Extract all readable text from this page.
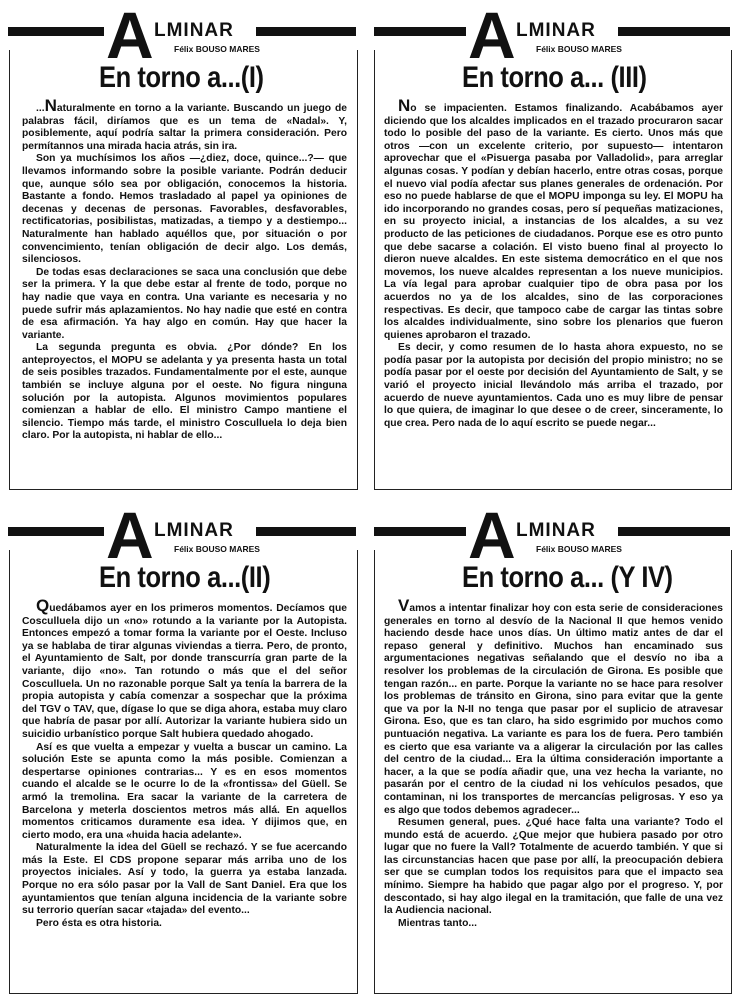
A LMINAR
Félix BOUSO MARES
En torno a...(I)

...Naturalmente en torno a la variante. Buscando un juego de palabras fácil, diríamos que es un tema de «Nadal». Y, posiblemente, aquí podría saltar la primera consideración. Pero permítannos una mirada hacia atrás, sin ira.

Son ya muchísimos los años —¿diez, doce, quince...?— que llevamos informando sobre la posible variante. Podrán deducir que, aunque sólo sea por obligación, conocemos la historia. Bastante a fondo. Hemos trasladado al papel ya opiniones de decenas y decenas de personas. Favorables, desfavorables, rectificatorias, posibilistas, matizadas, a tiempo y a destiempo... Naturalmente han hablado aquéllos que, por situación o por convencimiento, tenían obligación de decir algo. Los demás, silenciosos.

De todas esas declaraciones se saca una conclusión que debe ser la primera. Y la que debe estar al frente de todo, porque no hay nadie que vaya en contra. Una variante es necesaria y no puede sufrir más aplazamientos. No hay nadie que esté en contra de esa afirmación. Ya hay algo en común. Hay que hacer la variante.

La segunda pregunta es obvia. ¿Por dónde? En los anteproyectos, el MOPU se adelanta y ya presenta hasta un total de seis posibles trazados. Fundamentalmente por el este, aunque también se incluye alguna por el oeste. No figura ninguna solución por la autopista. Algunos movimientos populares comienzan a hablar de ello. El ministro Campo mantiene el silencio. Tiempo más tarde, el ministro Cosculluela lo deja bien claro. Por la autopista, ni hablar de ello...

A LMINAR
Félix BOUSO MARES
En torno a... (III)

No se impacienten. Estamos finalizando. Acabábamos ayer diciendo que los alcaldes implicados en el trazado procuraron sacar todo lo posible del paso de la variante. Es cierto. Unos más que otros —con un excelente criterio, por supuesto— intentaron aprovechar que el «Pisuerga pasaba por Valladolid», para arreglar algunas cosas. Y podían y debían hacerlo, entre otras cosas, porque el nuevo vial podía afectar sus planes generales de ordenación. Por eso no puede hablarse de que el MOPU imponga su ley. El MOPU ha ido incorporando no grandes cosas, pero sí pequeñas matizaciones, en su proyecto inicial, a instancias de los alcaldes, a su vez producto de las peticiones de ciudadanos. Porque ese es otro punto que debe sacarse a colación. El visto bueno final al proyecto lo dieron nueve alcaldes. En este sistema democrático en el que nos movemos, los nueve alcaldes representan a los nueve municipios. La vía legal para aprobar cualquier tipo de obra pasa por los acuerdos no ya de los alcaldes, sino de las corporaciones respectivas. Es decir, que tampoco cabe de cargar las tintas sobre los alcaldes individualmente, sino sobre los plenarios que fueron quienes aprobaron el trazado.

Es decir, y como resumen de lo hasta ahora expuesto, no se podía pasar por la autopista por decisión del propio ministro; no se podía pasar por el oeste por decisión del Ayuntamiento de Salt, y se varió el proyecto inicial llevándolo más arriba el trazado, por acuerdo de nueve ayuntamientos. Cada uno es muy libre de pensar lo que quiera, de imaginar lo que desee o de creer, sinceramente, lo que crea. Pero nada de lo aquí escrito se puede negar...

A LMINAR
Félix BOUSO MARES
En torno a...(II)

Quedábamos ayer en los primeros momentos. Decíamos que Cosculluela dijo un «no» rotundo a la variante por la Autopista. Entonces empezó a tomar forma la variante por el Oeste. Incluso ya se hablaba de tirar algunas viviendas a tierra. Pero, de pronto, el Ayuntamiento de Salt, por donde transcurría gran parte de la variante, dijo «no». Tan rotundo o más que el del señor Cosculluela. Un no razonable porque Salt ya tenía la barrera de la propia autopista y cabía comenzar a sospechar que la próxima del TGV o TAV, que, dígase lo que se diga ahora, estaba muy claro que habría de pasar por allí. Autorizar la variante hubiera sido un suicidio urbanístico porque Salt hubiera quedado ahogado.

Así es que vuelta a empezar y vuelta a buscar un camino. La solución Este se apunta como la más posible. Comienzan a despertarse opiniones contrarias... Y es en esos momentos cuando el alcalde se le ocurre lo de la «frontissa» del Güell. Se armó la tremolina. Era sacar la variante de la carretera de Barcelona y meterla doscientos metros más allá. En aquellos momentos criticamos duramente esa idea. Y dijimos que, en cierto modo, era una «huida hacia adelante».

Naturalmente la idea del Güell se rechazó. Y se fue acercando más la Este. El CDS propone separar más arriba uno de los proyectos iniciales. Así y todo, la guerra ya estaba lanzada. Porque no era sólo pasar por la Vall de Sant Daniel. Era que los ayuntamientos que tenían alguna incidencia de la variante sobre su terrorio querían sacar «tajada» del evento...

Pero ésta es otra historia.

A LMINAR
Félix BOUSO MARES
En torno a... (Y IV)

Vamos a intentar finalizar hoy con esta serie de consideraciones generales en torno al desvío de la Nacional II que hemos venido haciendo desde hace unos días. Un último matiz antes de dar el repaso general y definitivo. Muchos han encaminado sus argumentaciones negativas señalando que el desvío no iba a resolver los problemas de la circulación de Girona. Es posible que tengan razón... en parte. Porque la variante no se hace para resolver los problemas de tránsito en Girona, sino para evitar que la gente que va por la N-II no tenga que pasar por el suplicio de atravesar Girona. Eso, que es tan claro, ha sido esgrimido por muchos como puntuación negativa. La variante es para los de fuera. Pero también es cierto que esa variante va a aligerar la circulación por las calles del centro de la ciudad... Era la última consideración importante a hacer, a la que se podía añadir que, una vez hecha la variante, no pasarán por el centro de la ciudad ni los vehículos pesados, que contaminan, ni los transportes de mercancías peligrosas. Y eso ya es algo que todos debemos agradecer...

Resumen general, pues. ¿Qué hace falta una variante? Todo el mundo está de acuerdo. ¿Que mejor que hubiera pasado por otro lugar que no fuere la Vall? Totalmente de acuerdo también. Y que si las circunstancias hacen que pase por allí, la preocupación debiera ser que se cumplan todos los requisitos para que el impacto sea mínimo. Siempre ha habido que pagar algo por el progreso. Y, por descontado, si hay algo ilegal en la tramitación, que falle de una vez la Audiencia nacional.

Mientras tanto...
